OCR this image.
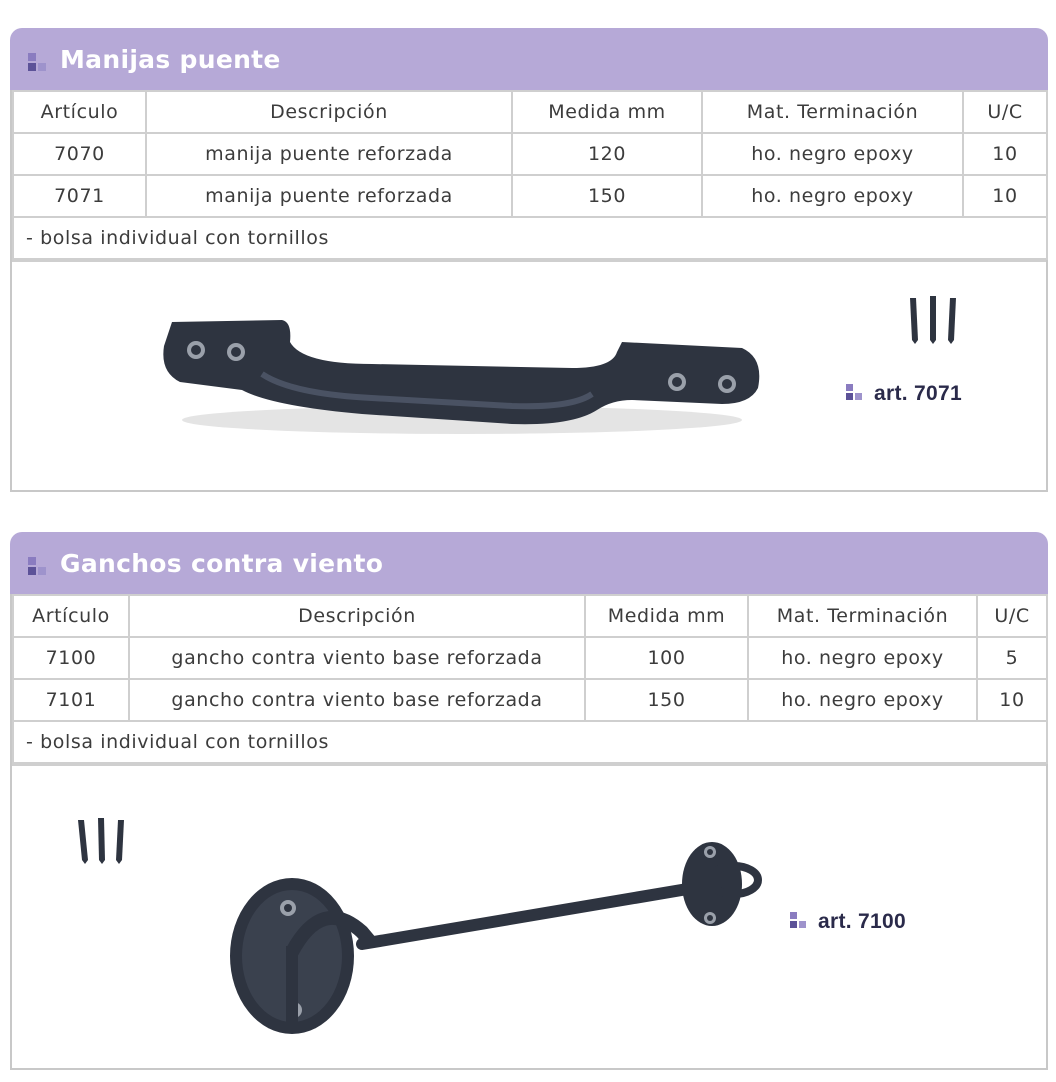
Manijas puente
Artículo	Descripción	Medida mm	Mat. Terminación	U/C
7070	manija puente reforzada	120	ho. negro epoxy	10
7071	manija puente reforzada	150	ho. negro epoxy	10
- bolsa individual con tornillos				
art. 7071
Ganchos contra viento
Artículo	Descripción	Medida mm	Mat. Terminación	U/C
7100	gancho contra viento base reforzada	100	ho. negro epoxy	5
7101	gancho contra viento base reforzada	150	ho. negro epoxy	10
- bolsa individual con tornillos				
art. 7100
